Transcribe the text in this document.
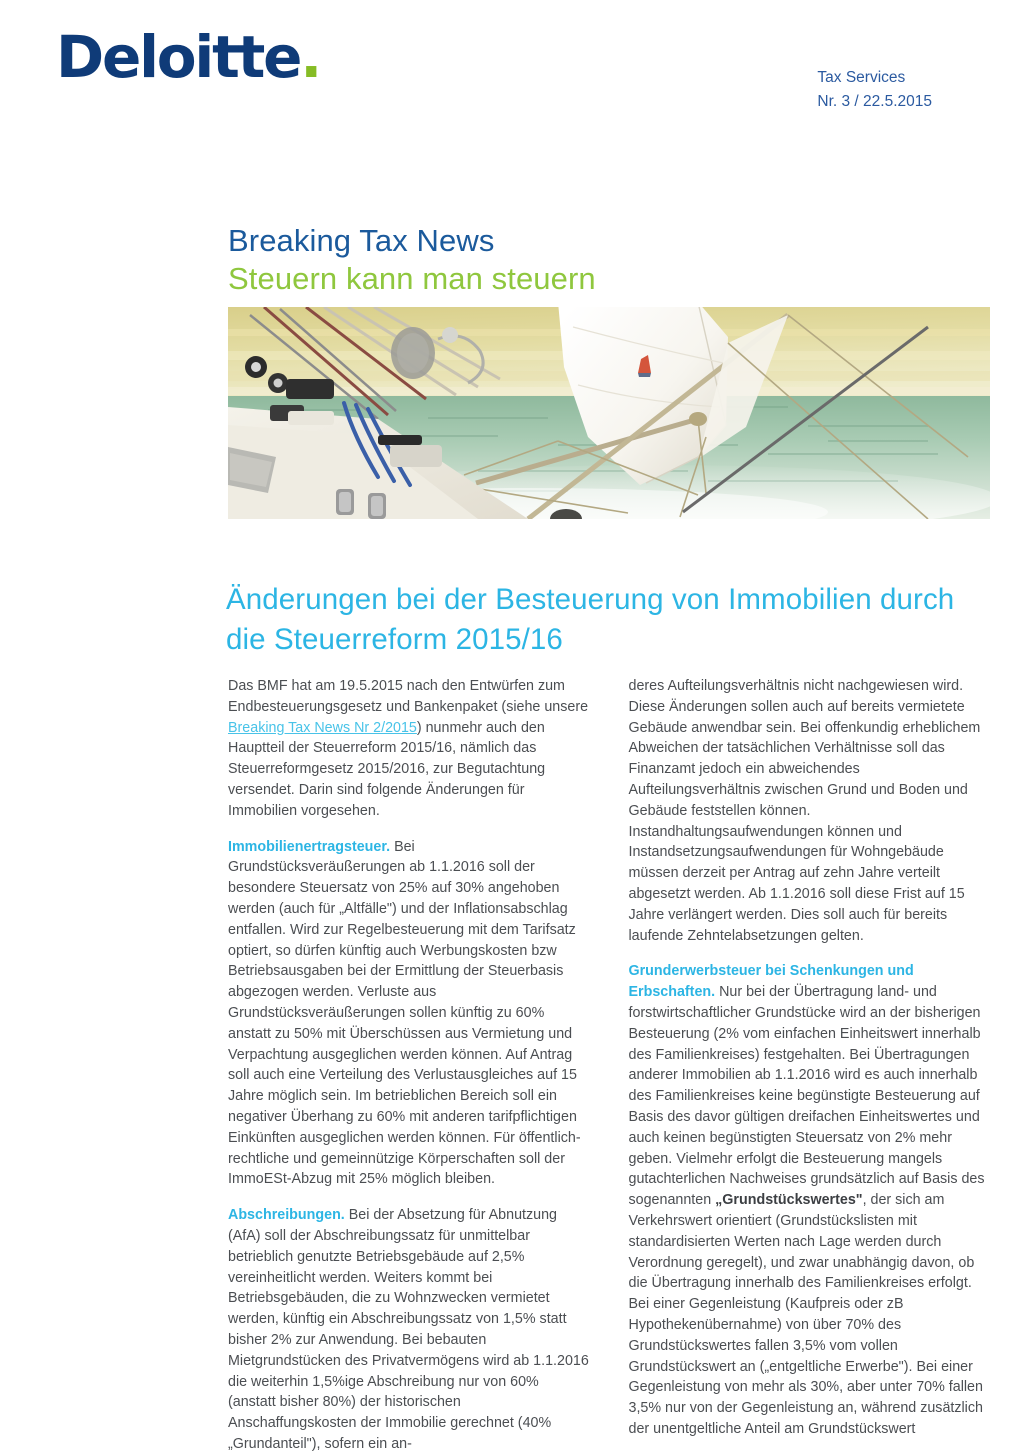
Deloitte.	Tax Services
Nr. 3 / 22.5.2015
Breaking Tax News
Steuern kann man steuern
Änderungen bei der Besteuerung von Immobilien durch die Steuerreform 2015/16

Das BMF hat am 19.5.2015 nach den Entwürfen zum Endbesteuerungsgesetz und Bankenpaket (siehe unsere Breaking Tax News Nr 2/2015) nunmehr auch den Hauptteil der Steuerreform 2015/16, nämlich das Steuerreformgesetz 2015/2016, zur Begutachtung versendet. Darin sind folgende Änderungen für Immobilien vorgesehen.

Immobilienertragsteuer. Bei Grundstücksveräußerungen ab 1.1.2016 soll der besondere Steuersatz von 25% auf 30% angehoben werden (auch für „Altfälle") und der Inflationsabschlag entfallen. Wird zur Regelbesteuerung mit dem Tarifsatz optiert, so dürfen künftig auch Werbungskosten bzw Betriebsausgaben bei der Ermittlung der Steuerbasis abgezogen werden. Verluste aus Grundstücksveräußerungen sollen künftig zu 60% anstatt zu 50% mit Überschüssen aus Vermietung und Verpachtung ausgeglichen werden können. Auf Antrag soll auch eine Verteilung des Verlustausgleiches auf 15 Jahre möglich sein. Im betrieblichen Bereich soll ein negativer Überhang zu 60% mit anderen tarifpflichtigen Einkünften ausgeglichen werden können. Für öffentlich-rechtliche und gemeinnützige Körperschaften soll der ImmoESt-Abzug mit 25% möglich bleiben.

Abschreibungen. Bei der Absetzung für Abnutzung (AfA) soll der Abschreibungssatz für unmittelbar betrieblich genutzte Betriebsgebäude auf 2,5% vereinheitlicht werden. Weiters kommt bei Betriebsgebäuden, die zu Wohnzwecken vermietet werden, künftig ein Abschreibungssatz von 1,5% statt bisher 2% zur Anwendung. Bei bebauten Mietgrundstücken des Privatvermögens wird ab 1.1.2016 die weiterhin 1,5%ige Abschreibung nur von 60% (anstatt bisher 80%) der historischen Anschaffungskosten der Immobilie gerechnet (40% „Grundanteil"), sofern ein an-

deres Aufteilungsverhältnis nicht nachgewiesen wird. Diese Änderungen sollen auch auf bereits vermietete Gebäude anwendbar sein. Bei offenkundig erheblichem Abweichen der tatsächlichen Verhältnisse soll das Finanzamt jedoch ein abweichendes Aufteilungsverhältnis zwischen Grund und Boden und Gebäude feststellen können. Instandhaltungsaufwendungen können und Instandsetzungsaufwendungen für Wohngebäude müssen derzeit per Antrag auf zehn Jahre verteilt abgesetzt werden. Ab 1.1.2016 soll diese Frist auf 15 Jahre verlängert werden. Dies soll auch für bereits laufende Zehntelabsetzungen gelten.

Grunderwerbsteuer bei Schenkungen und Erbschaften. Nur bei der Übertragung land- und forstwirtschaftlicher Grundstücke wird an der bisherigen Besteuerung (2% vom einfachen Einheitswert innerhalb des Familienkreises) festgehalten. Bei Übertragungen anderer Immobilien ab 1.1.2016 wird es auch innerhalb des Familienkreises keine begünstigte Besteuerung auf Basis des davor gültigen dreifachen Einheitswertes und auch keinen begünstigten Steuersatz von 2% mehr geben. Vielmehr erfolgt die Besteuerung mangels gutachterlichen Nachweises grundsätzlich auf Basis des sogenannten „Grundstückswertes", der sich am Verkehrswert orientiert (Grundstückslisten mit standardisierten Werten nach Lage werden durch Verordnung geregelt), und zwar unabhängig davon, ob die Übertragung innerhalb des Familienkreises erfolgt. Bei einer Gegenleistung (Kaufpreis oder zB Hypothekenübernahme) von über 70% des Grundstückswertes fallen 3,5% vom vollen Grundstückswert an („entgeltliche Erwerbe"). Bei einer Gegenleistung von mehr als 30%, aber unter 70% fallen 3,5% nur von der Gegenleistung an, während zusätzlich der unentgeltliche Anteil am Grundstückswert
